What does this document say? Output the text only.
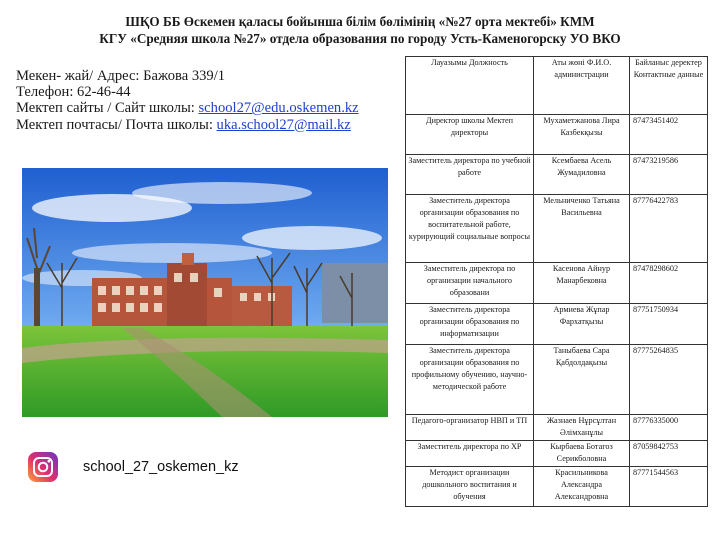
ШҚО ББ Өскемен қаласы бойынша білім бөлімінің «№27 орта мектебі» КММ
КГУ «Средняя школа №27» отдела образования по городу Усть-Каменогорску УО ВКО
Мекен- жай/ Адрес: Бажова 339/1
Телефон: 62-46-44
Мектеп сайты / Сайт школы: school27@edu.oskemen.kz
Мектеп почтасы/ Почта школы: uka.school27@mail.kz
school_27_oskemen_kz
Лауазымы Должность	Аты жөні Ф.И.О. администрации	Байланыс деректер Контактные данные
Директор школы Мектеп директоры	Мухаметжанова Лира Казбекқызы	87473451402
Заместитель директора по учебной работе	Ксембаева Асель Жумадиловна	87473219586
Заместитель директора организации образования по воспитательной работе, курирующий социальные вопросы	Мельниченко Татьяна Васильевна	87776422783
Заместитель директора по организации начального образовани	Касенова Айнур Манарбековна	87478298602
Заместитель директора организации образования по информатизации	Армиева Жұпар Фархатқызы	87751750934
Заместитель директора организации образования по профильному обучению, научно-методической работе	Таныбаева Сара Қабдолдақызы	87775264835
Педагого-организатор НВП и ТП	Жазнаев Нұрсұлтан Әлімханұлы	87776335000
Заместитель директора по ХР	Кырбаева Ботагоз Серикболовна	87059842753
Методист организации дошкольного воспитания и обучения	Красильникова Александра Александровна	87771544563
